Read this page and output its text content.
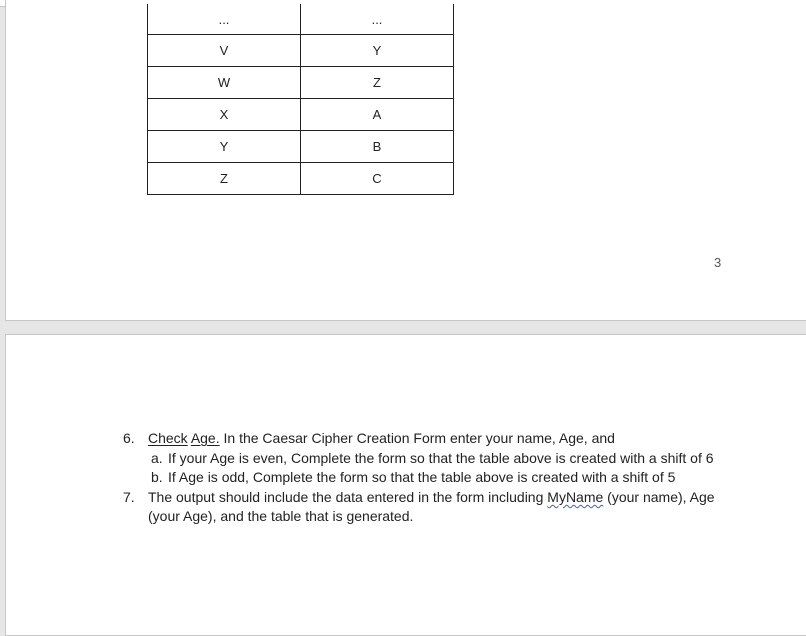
...	...
V	Y
W	Z
X	A
Y	B
Z	C
3
6. Check Age. In the Caesar Cipher Creation Form enter your name, Age, and
a. If your Age is even, Complete the form so that the table above is created with a shift of 6
b. If Age is odd, Complete the form so that the table above is created with a shift of 5
7. The output should include the data entered in the form including MyName (your name), Age (your Age), and the table that is generated.
